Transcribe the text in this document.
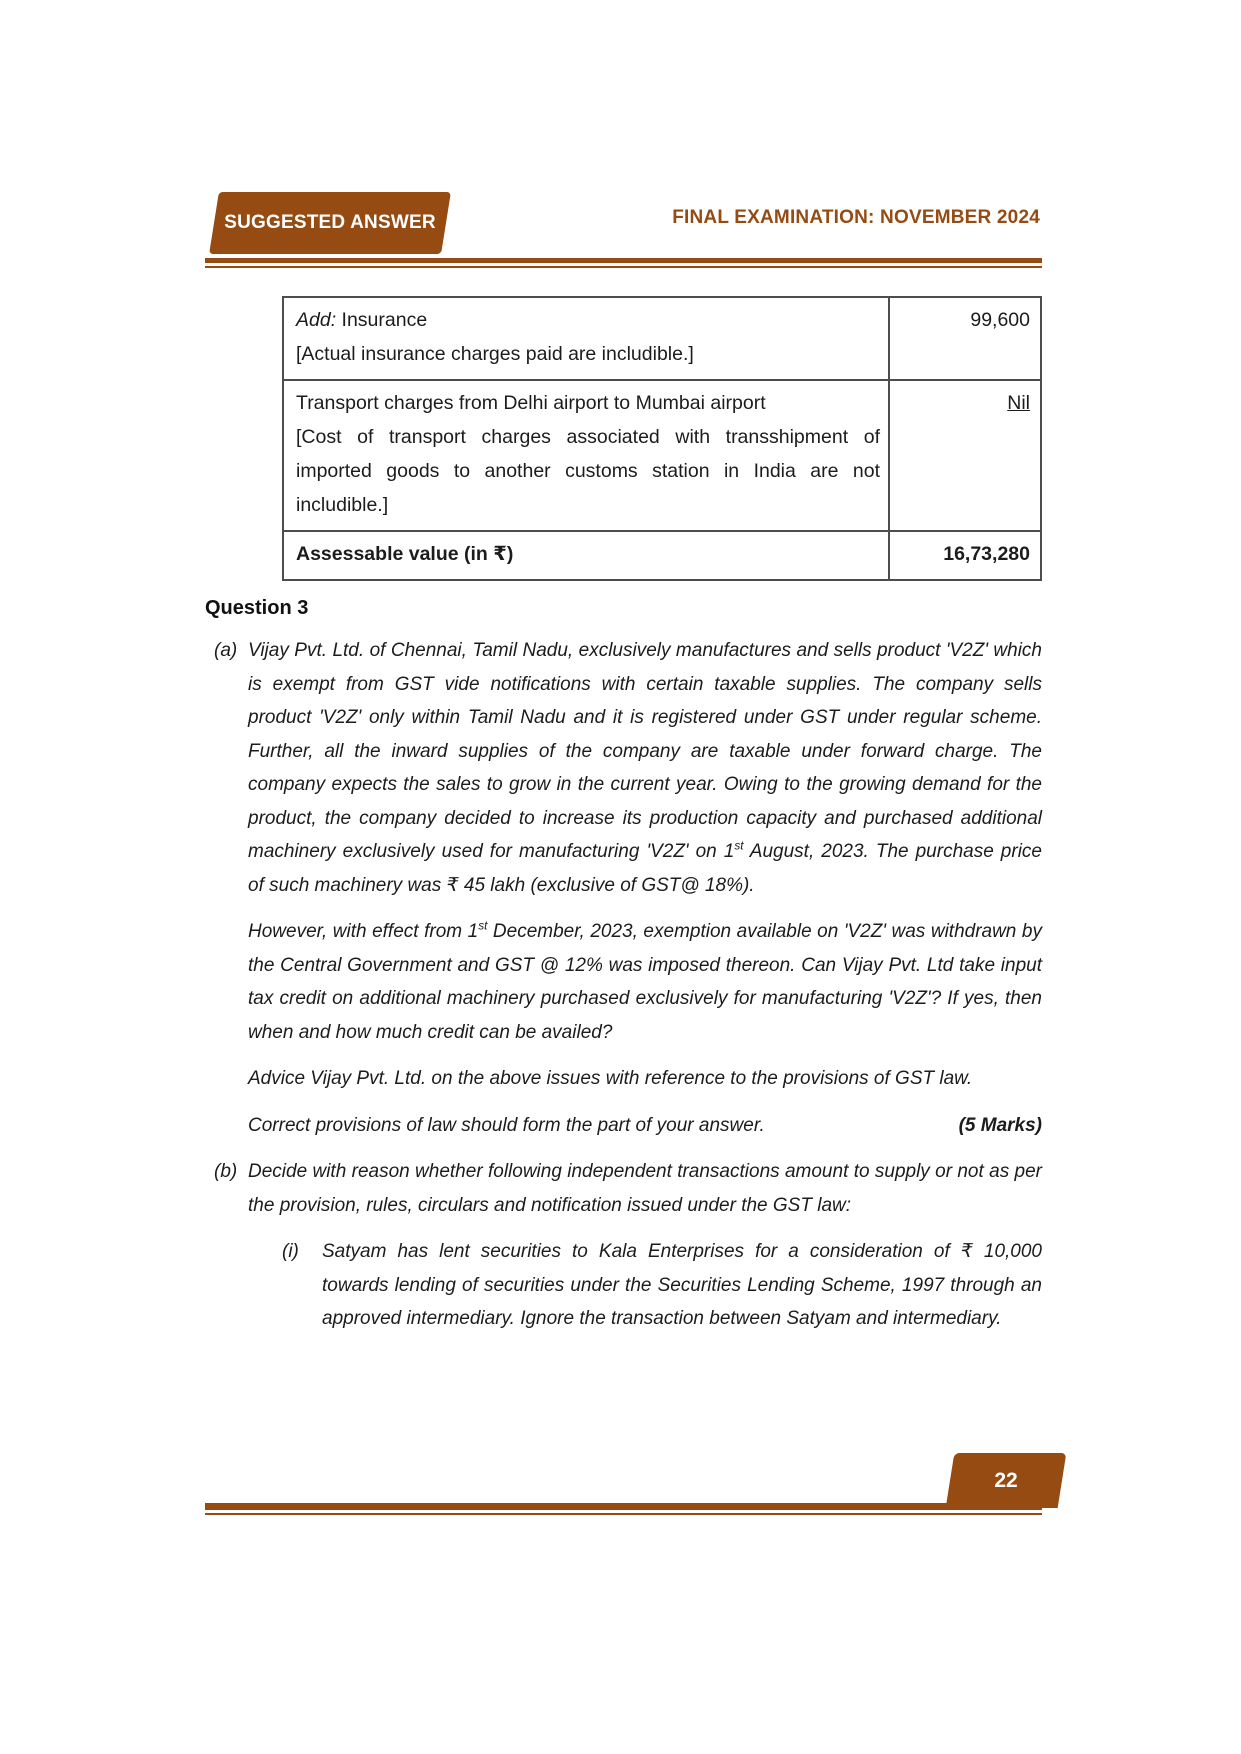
SUGGESTED ANSWER	FINAL EXAMINATION: NOVEMBER 2024
Add: Insurance
[Actual insurance charges paid are includible.]	99,600

Transport charges from Delhi airport to Mumbai airport
[Cost of transport charges associated with transshipment of imported goods to another customs station in India are not includible.]	Nil
Assessable value (in ₹)	16,73,280
Question 3
(a) Vijay Pvt. Ltd. of Chennai, Tamil Nadu, exclusively manufactures and sells product 'V2Z' which is exempt from GST vide notifications with certain taxable supplies. The company sells product 'V2Z' only within Tamil Nadu and it is registered under GST under regular scheme. Further, all the inward supplies of the company are taxable under forward charge. The company expects the sales to grow in the current year. Owing to the growing demand for the product, the company decided to increase its production capacity and purchased additional machinery exclusively used for manufacturing 'V2Z' on 1st August, 2023. The purchase price of such machinery was ₹ 45 lakh (exclusive of GST@ 18%).

However, with effect from 1st December, 2023, exemption available on 'V2Z' was withdrawn by the Central Government and GST @ 12% was imposed thereon. Can Vijay Pvt. Ltd take input tax credit on additional machinery purchased exclusively for manufacturing 'V2Z'? If yes, then when and how much credit can be availed?

Advice Vijay Pvt. Ltd. on the above issues with reference to the provisions of GST law.

Correct provisions of law should form the part of your answer.	(5 Marks)
(b) Decide with reason whether following independent transactions amount to supply or not as per the provision, rules, circulars and notification issued under the GST law:

(i)	Satyam has lent securities to Kala Enterprises for a consideration of ₹ 10,000 towards lending of securities under the Securities Lending Scheme, 1997 through an approved intermediary. Ignore the transaction between Satyam and intermediary.

22
